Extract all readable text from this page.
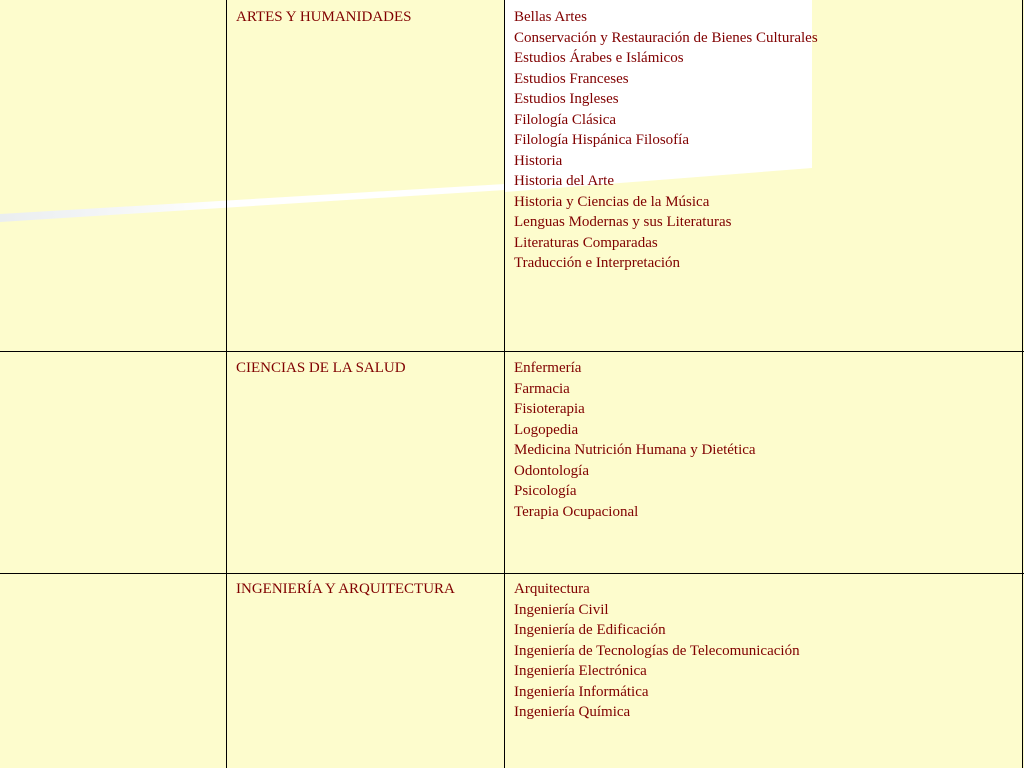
ARTES Y HUMANIDADES	Bellas Artes
Conservación y Restauración de Bienes Culturales
Estudios Árabes e Islámicos
Estudios Franceses
Estudios Ingleses
Filología Clásica
Filología Hispánica Filosofía
Historia
Historia del Arte
Historia y Ciencias de la Música
Lenguas Modernas y sus Literaturas
Literaturas Comparadas
Traducción e Interpretación
CIENCIAS DE LA SALUD	Enfermería
Farmacia
Fisioterapia
Logopedia
Medicina Nutrición Humana y Dietética
Odontología
Psicología
Terapia Ocupacional
INGENIERÍA Y ARQUITECTURA	Arquitectura
Ingeniería Civil
Ingeniería de Edificación
Ingeniería de Tecnologías de Telecomunicación
Ingeniería Electrónica
Ingeniería Informática
Ingeniería Química
